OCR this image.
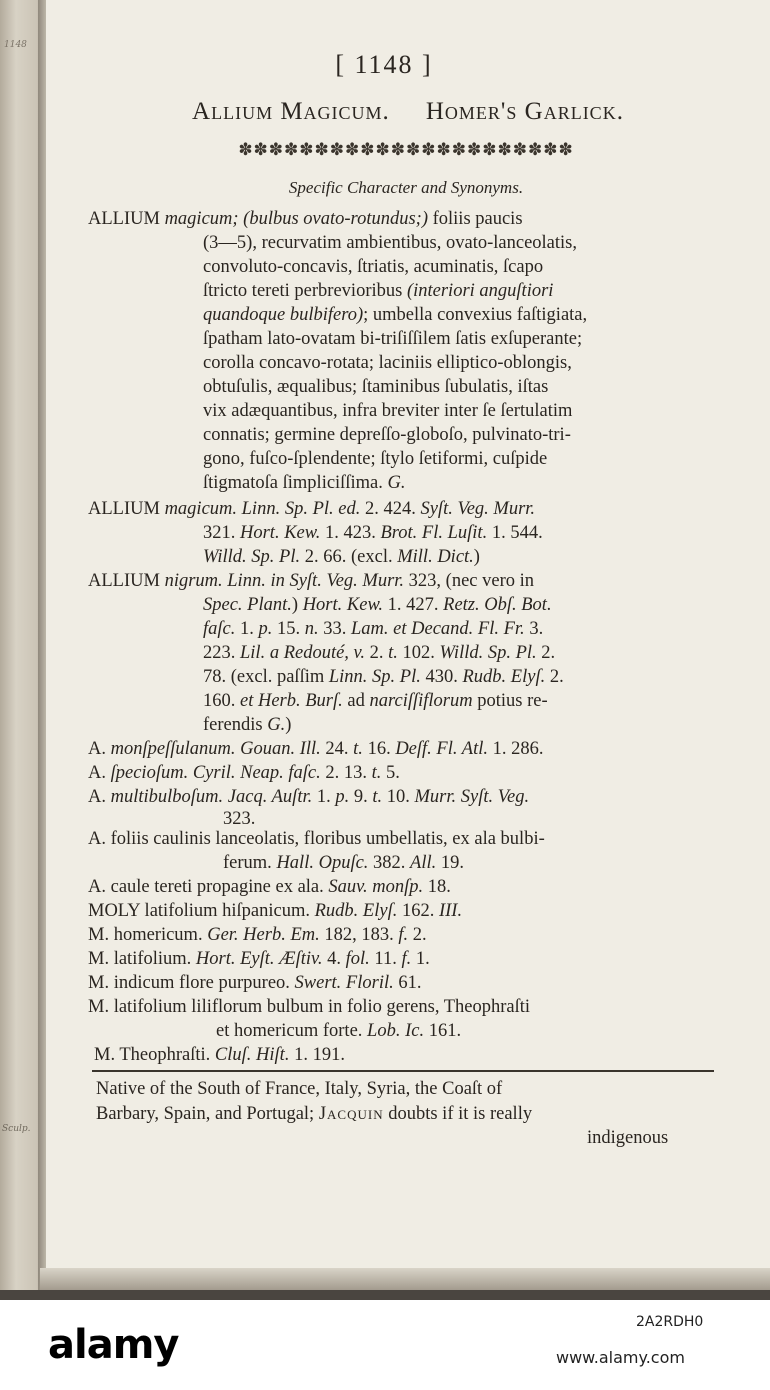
1148
Sculp.
[ 1148 ]
Allium Magicum. Homer's Garlick.
✽✽✽✽✽✽✽✽✽✽✽✽✽✽✽✽✽✽✽✽✽✽
Specific Character and Synonyms.
ALLIUM magicum; (bulbus ovato-rotundus;) foliis paucis
(3—5), recurvatim ambientibus, ovato-lanceolatis,
convoluto-concavis, ſtriatis, acuminatis, ſcapo
ſtricto tereti perbrevioribus (interiori anguſtiori
quandoque bulbifero); umbella convexius faſtigiata,
ſpatham lato-ovatam bi-triſiſſilem ſatis exſuperante;
corolla concavo-rotata; laciniis elliptico-oblongis,
obtuſulis, æqualibus; ſtaminibus ſubulatis, iſtas
vix adæquantibus, infra breviter inter ſe ſertulatim
connatis; germine depreſſo-globoſo, pulvinato-tri-
gono, fuſco-ſplendente; ſtylo ſetiformi, cuſpide
ſtigmatoſa ſimpliciſſima. G.
ALLIUM magicum. Linn. Sp. Pl. ed. 2. 424. Syſt. Veg. Murr.
321. Hort. Kew. 1. 423. Brot. Fl. Luſit. 1. 544.
Willd. Sp. Pl. 2. 66. (excl. Mill. Dict.)
ALLIUM nigrum. Linn. in Syſt. Veg. Murr. 323, (nec vero in
Spec. Plant.) Hort. Kew. 1. 427. Retz. Obſ. Bot.
faſc. 1. p. 15. n. 33. Lam. et Decand. Fl. Fr. 3.
223. Lil. a Redouté, v. 2. t. 102. Willd. Sp. Pl. 2.
78. (excl. paſſim Linn. Sp. Pl. 430. Rudb. Elyſ. 2.
160. et Herb. Burſ. ad narciſſiflorum potius re-
ferendis G.)
A. monſpeſſulanum. Gouan. Ill. 24. t. 16. Deſf. Fl. Atl. 1. 286.
A. ſpecioſum. Cyril. Neap. faſc. 2. 13. t. 5.
A. multibulboſum. Jacq. Auſtr. 1. p. 9. t. 10. Murr. Syſt. Veg.
323.
A. foliis caulinis lanceolatis, floribus umbellatis, ex ala bulbi-
ferum. Hall. Opuſc. 382. All. 19.
A. caule tereti propagine ex ala. Sauv. monſp. 18.
MOLY latifolium hiſpanicum. Rudb. Elyſ. 162. III.
M. homericum. Ger. Herb. Em. 182, 183. f. 2.
M. latifolium. Hort. Eyſt. Æſtiv. 4. fol. 11. f. 1.
M. indicum flore purpureo. Swert. Floril. 61.
M. latifolium liliflorum bulbum in folio gerens, Theophraſti
et homericum forte. Lob. Ic. 161.
M. Theophraſti. Cluſ. Hiſt. 1. 191.
Native of the South of France, Italy, Syria, the Coaſt of
Barbary, Spain, and Portugal; Jacquin doubts if it is really
indigenous
alamy	2A2RDH0
www.alamy.com
